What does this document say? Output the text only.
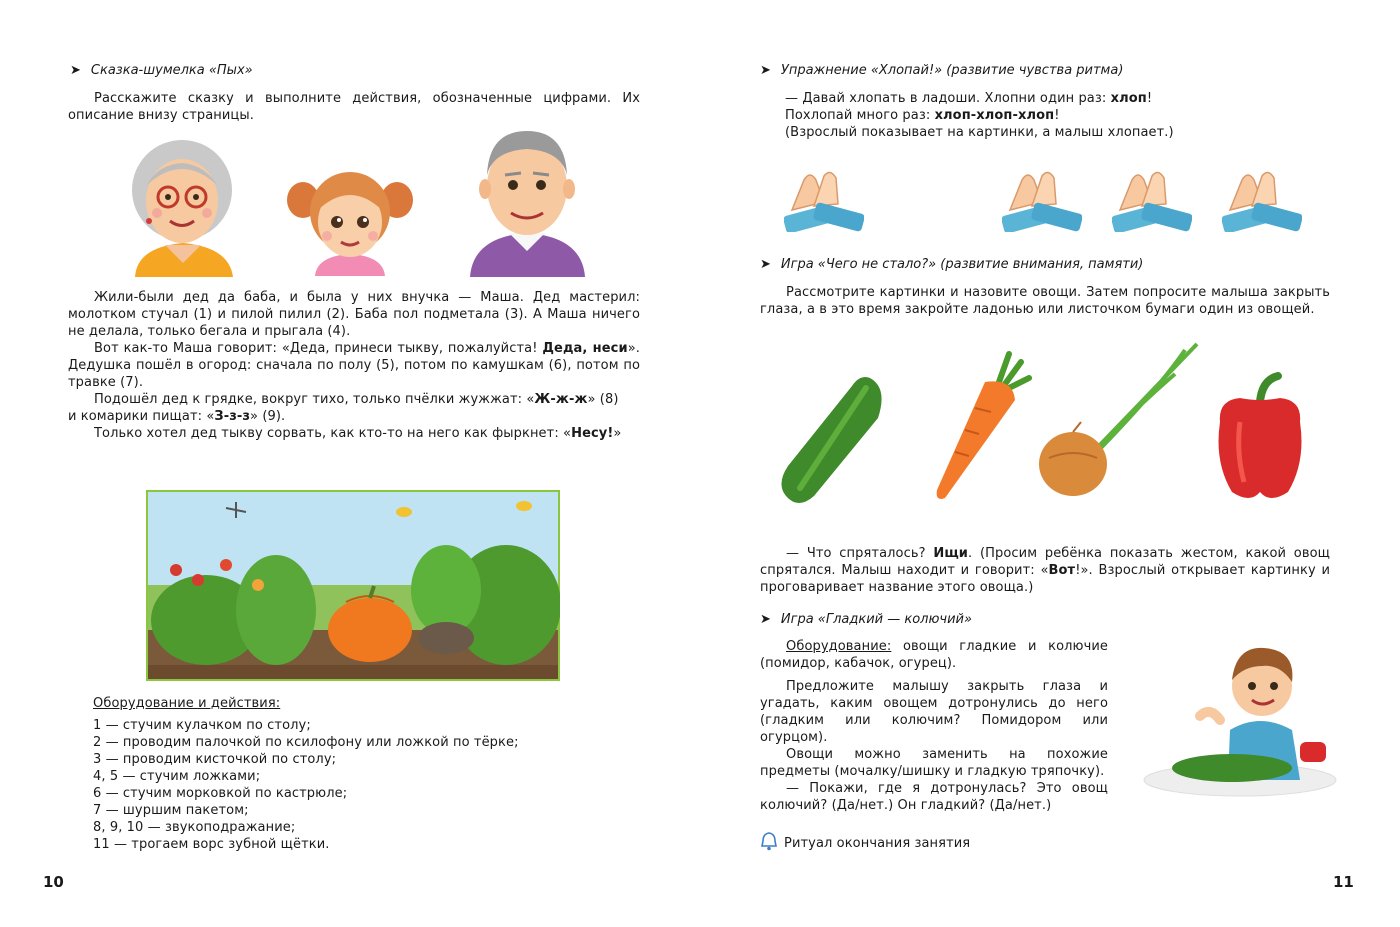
➤ Сказка-шумелка «Пых»

Расскажите сказку и выполните действия, обозначенные цифрами. Их описание внизу страницы.

Жили-были дед да баба, и была у них внучка — Маша. Дед мастерил: молотком стучал (1) и пилой пилил (2). Баба пол подметала (3). А Маша ничего не делала, только бегала и прыгала (4).

Вот как-то Маша говорит: «Деда, принеси тыкву, пожалуйста! Деда, неси». Дедушка пошёл в огород: сначала по полу (5), потом по камушкам (6), потом по травке (7).

Подошёл дед к грядке, вокруг тихо, только пчёлки жужжат: «Ж-ж-ж» (8)

и комарики пищат: «З-з-з» (9).

Только хотел дед тыкву сорвать, как кто-то на него как фыркнет: «Несу!»

Оборудование и действия:
1 — стучим кулачком по столу;
2 — проводим палочкой по ксилофону или ложкой по тёрке;
3 — проводим кисточкой по столу;
4, 5 — стучим ложками;
6 — стучим морковкой по кастрюле;
7 — шуршим пакетом;
8, 9, 10 — звукоподражание;
11 — трогаем ворс зубной щётки.
10
➤ Упражнение «Хлопай!» (развитие чувства ритма)
— Давай хлопать в ладоши. Хлопни один раз: хлоп!
Похлопай много раз: хлоп-хлоп-хлоп!
(Взрослый показывает на картинки, а малыш хлопает.)
➤ Игра «Чего не стало?» (развитие внимания, памяти)

Рассмотрите картинки и назовите овощи. Затем попросите малыша закрыть глаза, а в это время закройте ладонью или листочком бумаги один из овощей.

— Что спряталось? Ищи. (Просим ребёнка показать жестом, какой овощ спрятался. Малыш находит и говорит: «Вот!». Взрослый открывает картинку и проговаривает название этого овоща.)

➤ Игра «Гладкий — колючий»

Оборудование: овощи гладкие и колючие (помидор, кабачок, огурец).

Предложите малышу закрыть глаза и угадать, каким овощем дотронулись до него (гладким или колючим? Помидором или огурцом).

Овощи можно заменить на похожие предметы (мочалку/шишку и гладкую тряпочку).

— Покажи, где я дотронулась? Это овощ колючий? (Да/нет.) Он гладкий? (Да/нет.)

Ритуал окончания занятия
11
